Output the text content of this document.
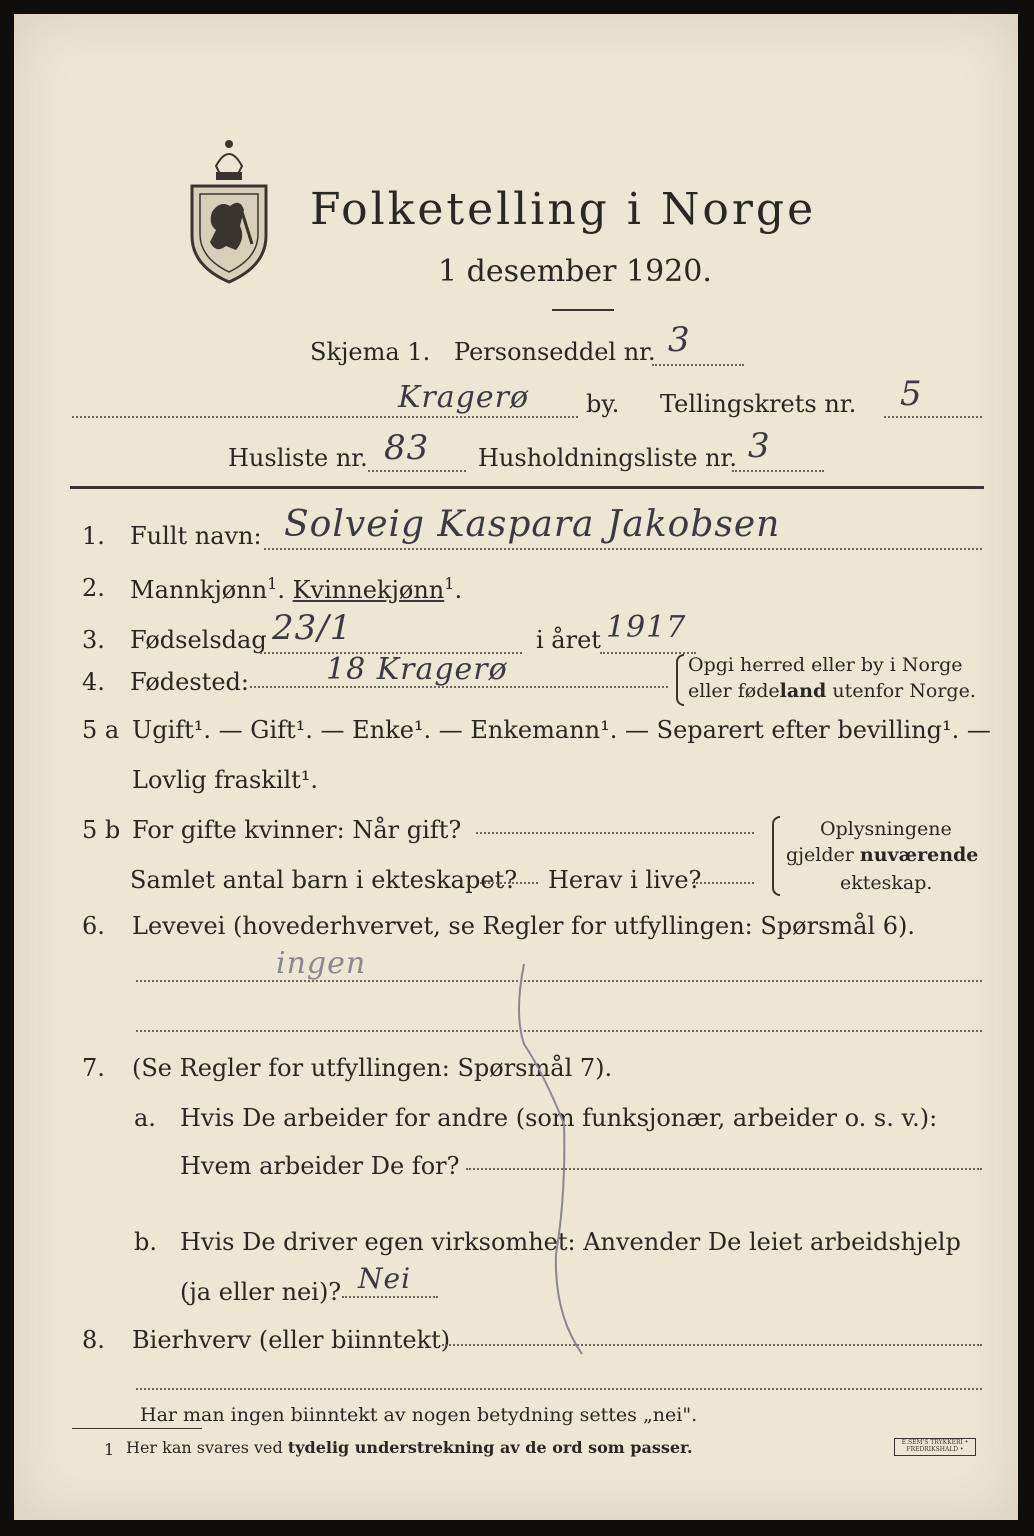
Folketelling i Norge
1 desember 1920.
Skjema 1. Personseddel nr. 3
Kragerø by. Tellingskrets nr. 5
Husliste nr. 83 Husholdningsliste nr. 3
1. Fullt navn: Solveig Kaspara Jakobsen
2. Mannkjønn$^1$. Kvinnekjønn$^1$.
3. Fødselsdag 23/1	i året 1917
4. Fødested:	18 Kragerø	Opgi herred eller by i Norge
eller fødeland utenfor Norge.
5 a Ugift¹. — Gift¹. — Enke¹. — Enkemann¹. — Separert efter bevilling¹. —
Lovlig fraskilt¹.
5 b For gifte kvinner: Når gift?
Samlet antal barn i ekteskapet? Herav i live?
Oplysningene
gjelder nuværende
ekteskap.
6. Levevei (hovederhvervet, se Regler for utfyllingen: Spørsmål 6).
ingen
7. (Se Regler for utfyllingen: Spørsmål 7).
a. Hvis De arbeider for andre (som funksjonær, arbeider o. s. v.):
Hvem arbeider De for?
b. Hvis De driver egen virksomhet: Anvender De leiet arbeidshjelp
(ja eller nei)? Nei
8. Bierhverv (eller biinntekt)
Har man ingen biinntekt av nogen betydning settes „nei".
1 Her kan svares ved tydelig understrekning av de ord som passer.	E.SEM'S TRYKKERI • FREDRIKSHALD •
